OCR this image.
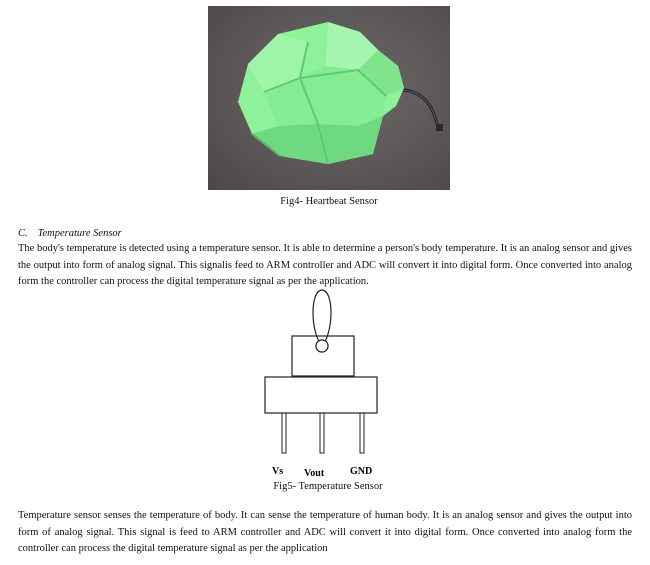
Fig4- Heartbeat Sensor
C. Temperature Sensor
The body's temperature is detected using a temperature sensor. It is able to determine a person's body temperature. It is an analog sensor and gives the output into form of analog signal. This signalis feed to ARM controller and ADC will convert it into digital form. Once converted into analog form the controller can process the digital temperature signal as per the application.
Vs Vout	GND
Fig5- Temperature Sensor
Temperature sensor senses the temperature of body. It can sense the temperature of human body. It is an analog sensor and gives the output into form of analog signal. This signal is feed to ARM controller and ADC will convert it into digital form. Once converted into analog form the controller can process the digital temperature signal as per the application
